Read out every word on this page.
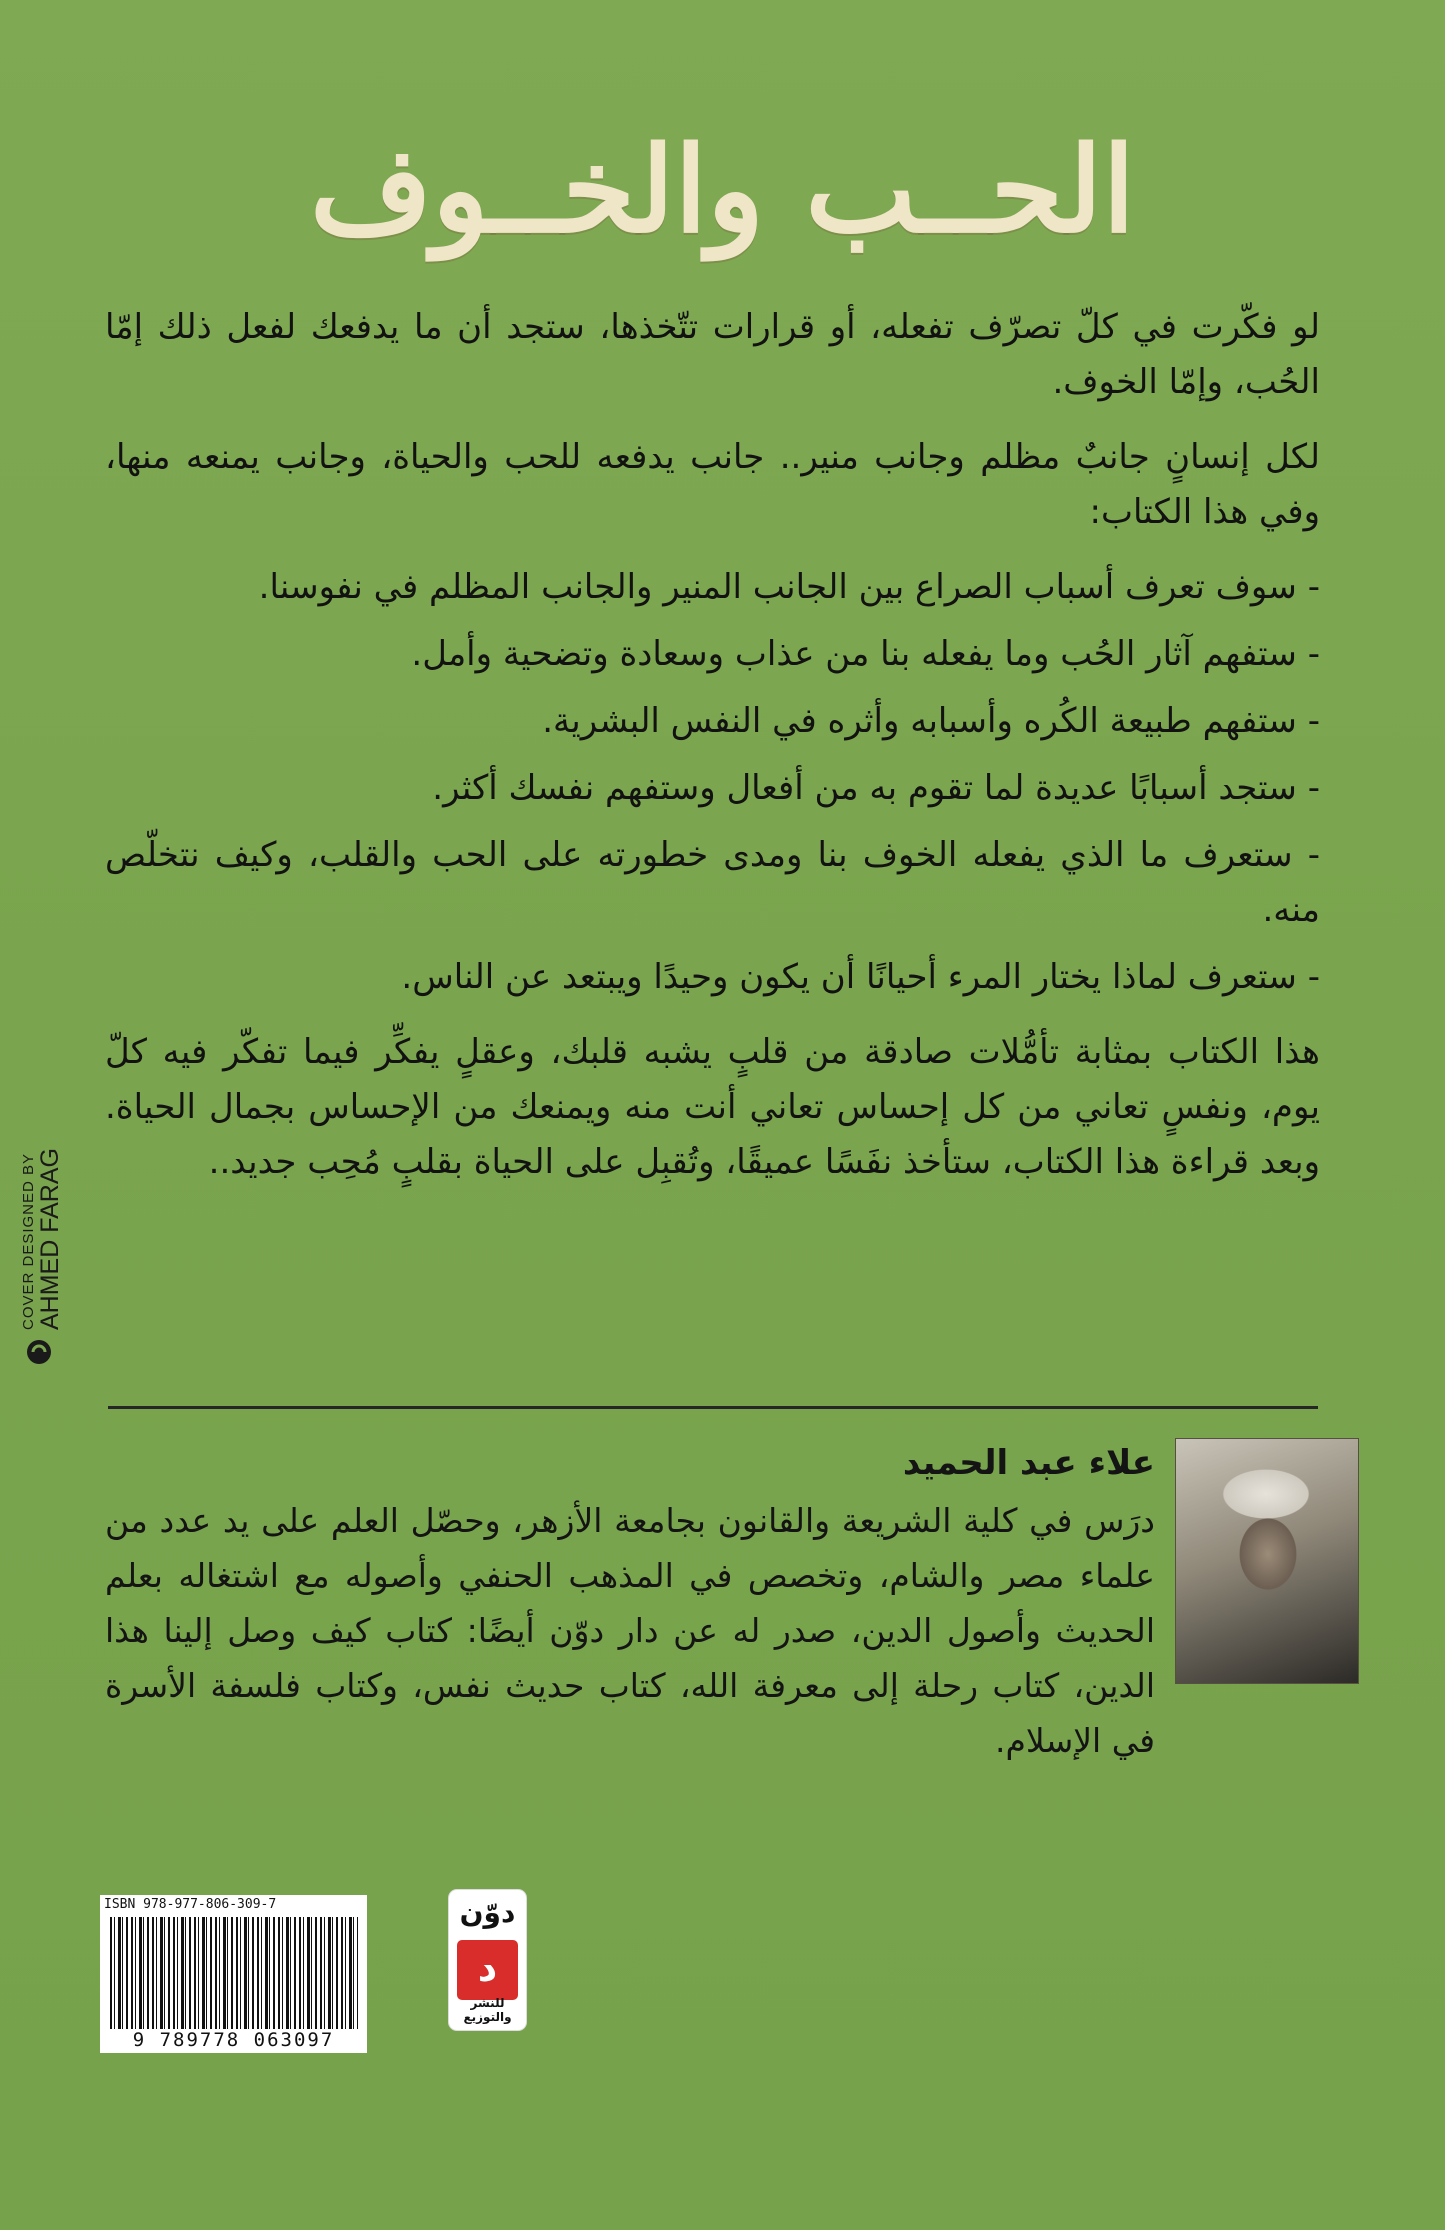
الحــب والخــوف

لو فكّرت في كلّ تصرّف تفعله، أو قرارات تتّخذها، ستجد أن ما يدفعك لفعل ذلك إمّا الحُب، وإمّا الخوف.

لكل إنسانٍ جانبٌ مظلم وجانب منير.. جانب يدفعه للحب والحياة، وجانب يمنعه منها، وفي هذا الكتاب:

- سوف تعرف أسباب الصراع بين الجانب المنير والجانب المظلم في نفوسنا.
- ستفهم آثار الحُب وما يفعله بنا من عذاب وسعادة وتضحية وأمل.
- ستفهم طبيعة الكُره وأسبابه وأثره في النفس البشرية.
- ستجد أسبابًا عديدة لما تقوم به من أفعال وستفهم نفسك أكثر.
- ستعرف ما الذي يفعله الخوف بنا ومدى خطورته على الحب والقلب، وكيف نتخلّص منه.
- ستعرف لماذا يختار المرء أحيانًا أن يكون وحيدًا ويبتعد عن الناس.

هذا الكتاب بمثابة تأمُّلات صادقة من قلبٍ يشبه قلبك، وعقلٍ يفكِّر فيما تفكّر فيه كلّ يوم، ونفسٍ تعاني من كل إحساس تعاني أنت منه ويمنعك من الإحساس بجمال الحياة. وبعد قراءة هذا الكتاب، ستأخذ نفَسًا عميقًا، وتُقبِل على الحياة بقلبٍ مُحِب جديد..

علاء عبد الحميد

درَس في كلية الشريعة والقانون بجامعة الأزهر، وحصّل العلم على يد عدد من علماء مصر والشام، وتخصص في المذهب الحنفي وأصوله مع اشتغاله بعلم الحديث وأصول الدين، صدر له عن دار دوّن أيضًا: كتاب كيف وصل إلينا هذا الدين، كتاب رحلة إلى معرفة الله، كتاب حديث نفس، وكتاب فلسفة الأسرة في الإسلام.

COVER DESIGNED BY AHMED FARAG
ISBN 978-977-806-309-7
9 789778 063097
دوّن
د
للنشر والتوزيع
